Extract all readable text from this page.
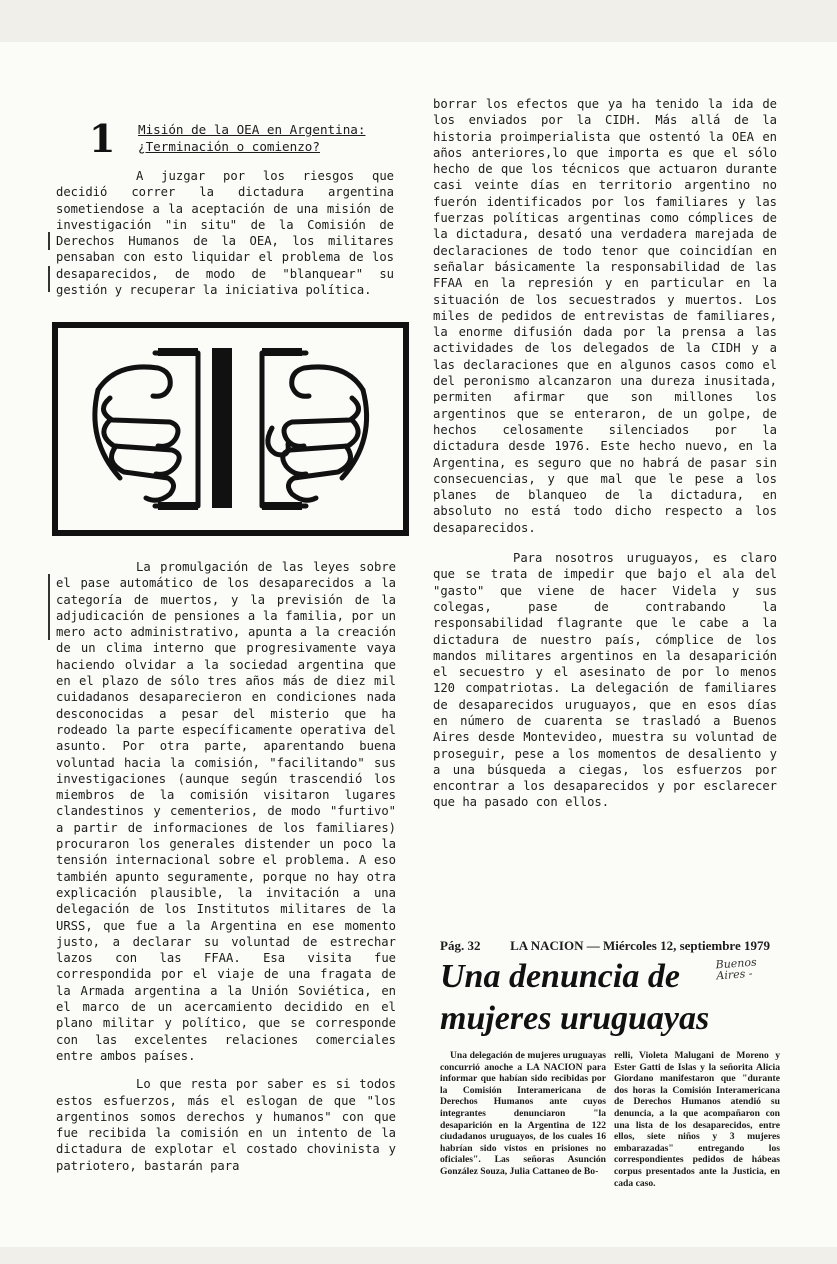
1 Misión de la OEA en Argentina:
¿Terminación o comienzo?

A juzgar por los riesgos que decidió correr la dictadura argentina sometiendose a la aceptación de una misión de investigación "in situ" de la Comisión de Derechos Humanos de la OEA, los militares pensaban con esto liquidar el problema de los desaparecidos, de modo de "blanquear" su gestión y recuperar la iniciativa política.

La promulgación de las leyes sobre el pase automático de los desaparecidos a la categoría de muertos, y la previsión de la adjudicación de pensiones a la familia, por un mero acto administrativo, apunta a la creación de un clima interno que progresivamente vaya haciendo olvidar a la sociedad argentina que en el plazo de sólo tres años más de diez mil cuidadanos desaparecieron en condiciones nada desconocidas a pesar del misterio que ha rodeado la parte específicamente operativa del asunto. Por otra parte, aparentando buena voluntad hacia la comisión, "facilitando" sus investigaciones (aunque según trascendió los miembros de la comisión visitaron lugares clandestinos y cementerios, de modo "furtivo" a partir de informaciones de los familiares) procuraron los generales distender un poco la tensión internacional sobre el problema. A eso también apunto seguramente, porque no hay otra explicación plausible, la invitación a una delegación de los Institutos militares de la URSS, que fue a la Argentina en ese momento justo, a declarar su voluntad de estrechar lazos con las FFAA. Esa visita fue correspondida por el viaje de una fragata de la Armada argentina a la Unión Soviética, en el marco de un acercamiento decidido en el plano militar y político, que se corresponde con las excelentes relaciones comerciales entre ambos países.

Lo que resta por saber es si todos estos esfuerzos, más el eslogan de que "los argentinos somos derechos y humanos" con que fue recibida la comisión en un intento de la dictadura de explotar el costado chovinista y patriotero, bastarán para

borrar los efectos que ya ha tenido la ida de los enviados por la CIDH. Más allá de la historia proimperialista que ostentó la OEA en años anteriores,lo que importa es que el sólo hecho de que los técnicos que actuaron durante casi veinte días en territorio argentino no fuerón identificados por los familiares y las fuerzas políticas argentinas como cómplices de la dictadura, desató una verdadera marejada de declaraciones de todo tenor que coincidían en señalar básicamente la responsabilidad de las FFAA en la represión y en particular en la situación de los secuestrados y muertos. Los miles de pedidos de entrevistas de familiares, la enorme difusión dada por la prensa a las actividades de los delegados de la CIDH y a las declaraciones que en algunos casos como el del peronismo alcanzaron una dureza inusitada, permiten afirmar que son millones los argentinos que se enteraron, de un golpe, de hechos celosamente silenciados por la dictadura desde 1976. Este hecho nuevo, en la Argentina, es seguro que no habrá de pasar sin consecuencias, y que mal que le pese a los planes de blanqueo de la dictadura, en absoluto no está todo dicho respecto a los desaparecidos.

Para nosotros uruguayos, es claro que se trata de impedir que bajo el ala del "gasto" que viene de hacer Videla y sus colegas, pase de contrabando la responsabilidad flagrante que le cabe a la dictadura de nuestro país, cómplice de los mandos militares argentinos en la desaparición el secuestro y el asesinato de por lo menos 120 compatriotas. La delegación de familiares de desaparecidos uruguayos, que en esos días en número de cuarenta se trasladó a Buenos Aires desde Montevideo, muestra su voluntad de proseguir, pese a los momentos de desaliento y a una búsqueda a ciegas, los esfuerzos por encontrar a los desaparecidos y por esclarecer que ha pasado con ellos.

Pág. 32 LA NACION — Miércoles 12, septiembre 1979
Buenos
Aires -
Una denuncia de
mujeres uruguayas

Una delegación de mujeres uruguayas concurrió anoche a LA NACION para informar que habían sido recibidas por la Comisión Interamericana de Derechos Humanos ante cuyos integrantes denunciaron "la desaparición en la Argentina de 122 ciudadanos uruguayos, de los cuales 16 habrían sido vistos en prisiones no oficiales". Las señoras Asunción González Souza, Julia Cattaneo de Bo-

relli, Violeta Malugani de Moreno y Ester Gatti de Islas y la señorita Alicia Giordano manifestaron que "durante dos horas la Comisión Interamericana de Derechos Humanos atendió su denuncia, a la que acompañaron con una lista de los desaparecidos, entre ellos, siete niños y 3 mujeres embarazadas" entregando los correspondientes pedidos de hábeas corpus presentados ante la Justicia, en cada caso.
